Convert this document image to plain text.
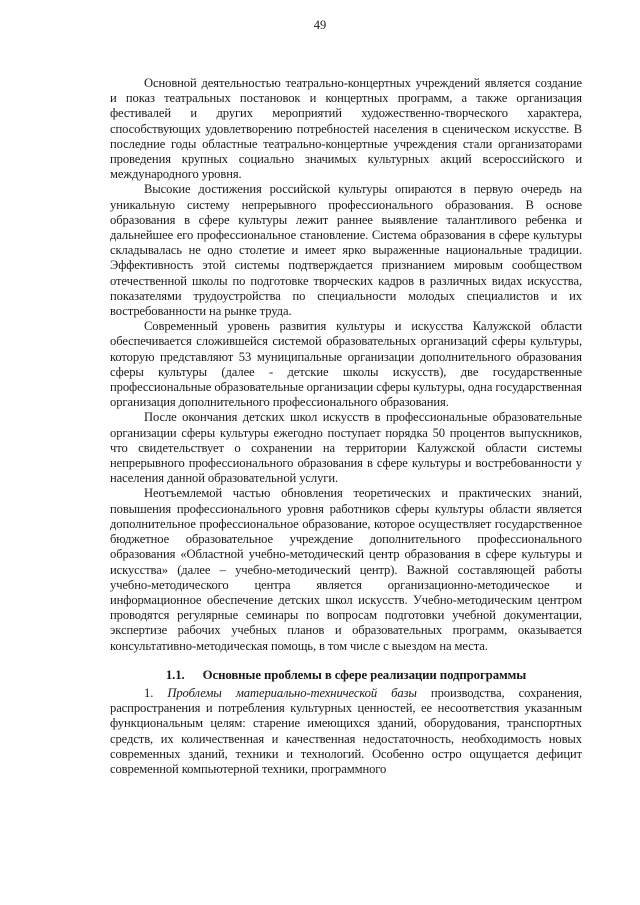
49

Основной деятельностью театрально-концертных учреждений является создание и показ театральных постановок и концертных программ, а также организация фестивалей и других мероприятий художественно-творческого характера, способствующих удовлетворению потребностей населения в сценическом искусстве. В последние годы областные театрально-концертные учреждения стали организаторами проведения крупных социально значимых культурных акций всероссийского и международного уровня.

Высокие достижения российской культуры опираются в первую очередь на уникальную систему непрерывного профессионального образования. В основе образования в сфере культуры лежит раннее выявление талантливого ребенка и дальнейшее его профессиональное становление. Система образования в сфере культуры складывалась не одно столетие и имеет ярко выраженные национальные традиции. Эффективность этой системы подтверждается признанием мировым сообществом отечественной школы по подготовке творческих кадров в различных видах искусства, показателями трудоустройства по специальности молодых специалистов и их востребованности на рынке труда.

Современный уровень развития культуры и искусства Калужской области обеспечивается сложившейся системой образовательных организаций сферы культуры, которую представляют 53 муниципальные организации дополнительного образования сферы культуры (далее - детские школы искусств), две государственные профессиональные образовательные организации сферы культуры, одна государственная организация дополнительного профессионального образования.

После окончания детских школ искусств в профессиональные образовательные организации сферы культуры ежегодно поступает порядка 50 процентов выпускников, что свидетельствует о сохранении на территории Калужской области системы непрерывного профессионального образования в сфере культуры и востребованности у населения данной образовательной услуги.

Неотъемлемой частью обновления теоретических и практических знаний, повышения профессионального уровня работников сферы культуры области является дополнительное профессиональное образование, которое осуществляет государственное бюджетное образовательное учреждение дополнительного профессионального образования «Областной учебно-методический центр образования в сфере культуры и искусства» (далее – учебно-методический центр). Важной составляющей работы учебно-методического центра является организационно-методическое и информационное обеспечение детских школ искусств. Учебно-методическим центром проводятся регулярные семинары по вопросам подготовки учебной документации, экспертизе рабочих учебных планов и образовательных программ, оказывается консультативно-методическая помощь, в том числе с выездом на места.

1.1. Основные проблемы в сфере реализации подпрограммы

1. Проблемы материально-технической базы производства, сохранения, распространения и потребления культурных ценностей, ее несоответствия указанным функциональным целям: старение имеющихся зданий, оборудования, транспортных средств, их количественная и качественная недостаточность, необходимость новых современных зданий, техники и технологий. Особенно остро ощущается дефицит современной компьютерной техники, программного
